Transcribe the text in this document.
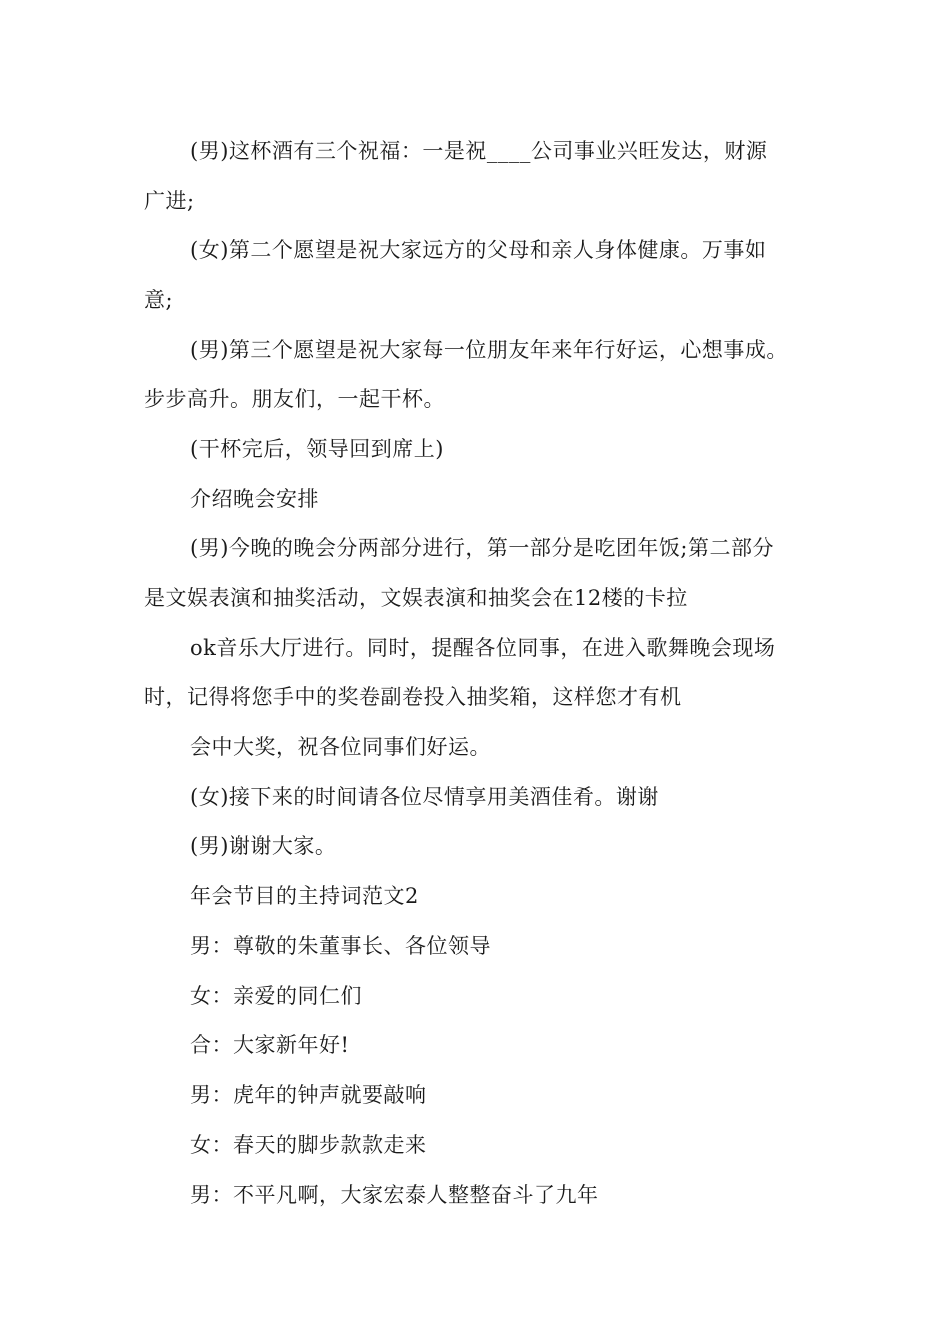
(男)这杯酒有三个祝福：一是祝____公司事业兴旺发达，财源
广进;
(女)第二个愿望是祝大家远方的父母和亲人身体健康。万事如
意;
(男)第三个愿望是祝大家每一位朋友年来年行好运，心想事成。
步步高升。朋友们，一起干杯。
(干杯完后，领导回到席上)
介绍晚会安排
(男)今晚的晚会分两部分进行，第一部分是吃团年饭;第二部分
是文娱表演和抽奖活动，文娱表演和抽奖会在12楼的卡拉
ok音乐大厅进行。同时，提醒各位同事，在进入歌舞晚会现场
时，记得将您手中的奖卷副卷投入抽奖箱，这样您才有机
会中大奖，祝各位同事们好运。
(女)接下来的时间请各位尽情享用美酒佳肴。谢谢
(男)谢谢大家。
年会节目的主持词范文2
男：尊敬的朱董事长、各位领导
女：亲爱的同仁们
合：大家新年好!
男：虎年的钟声就要敲响
女：春天的脚步款款走来
男：不平凡啊，大家宏泰人整整奋斗了九年
